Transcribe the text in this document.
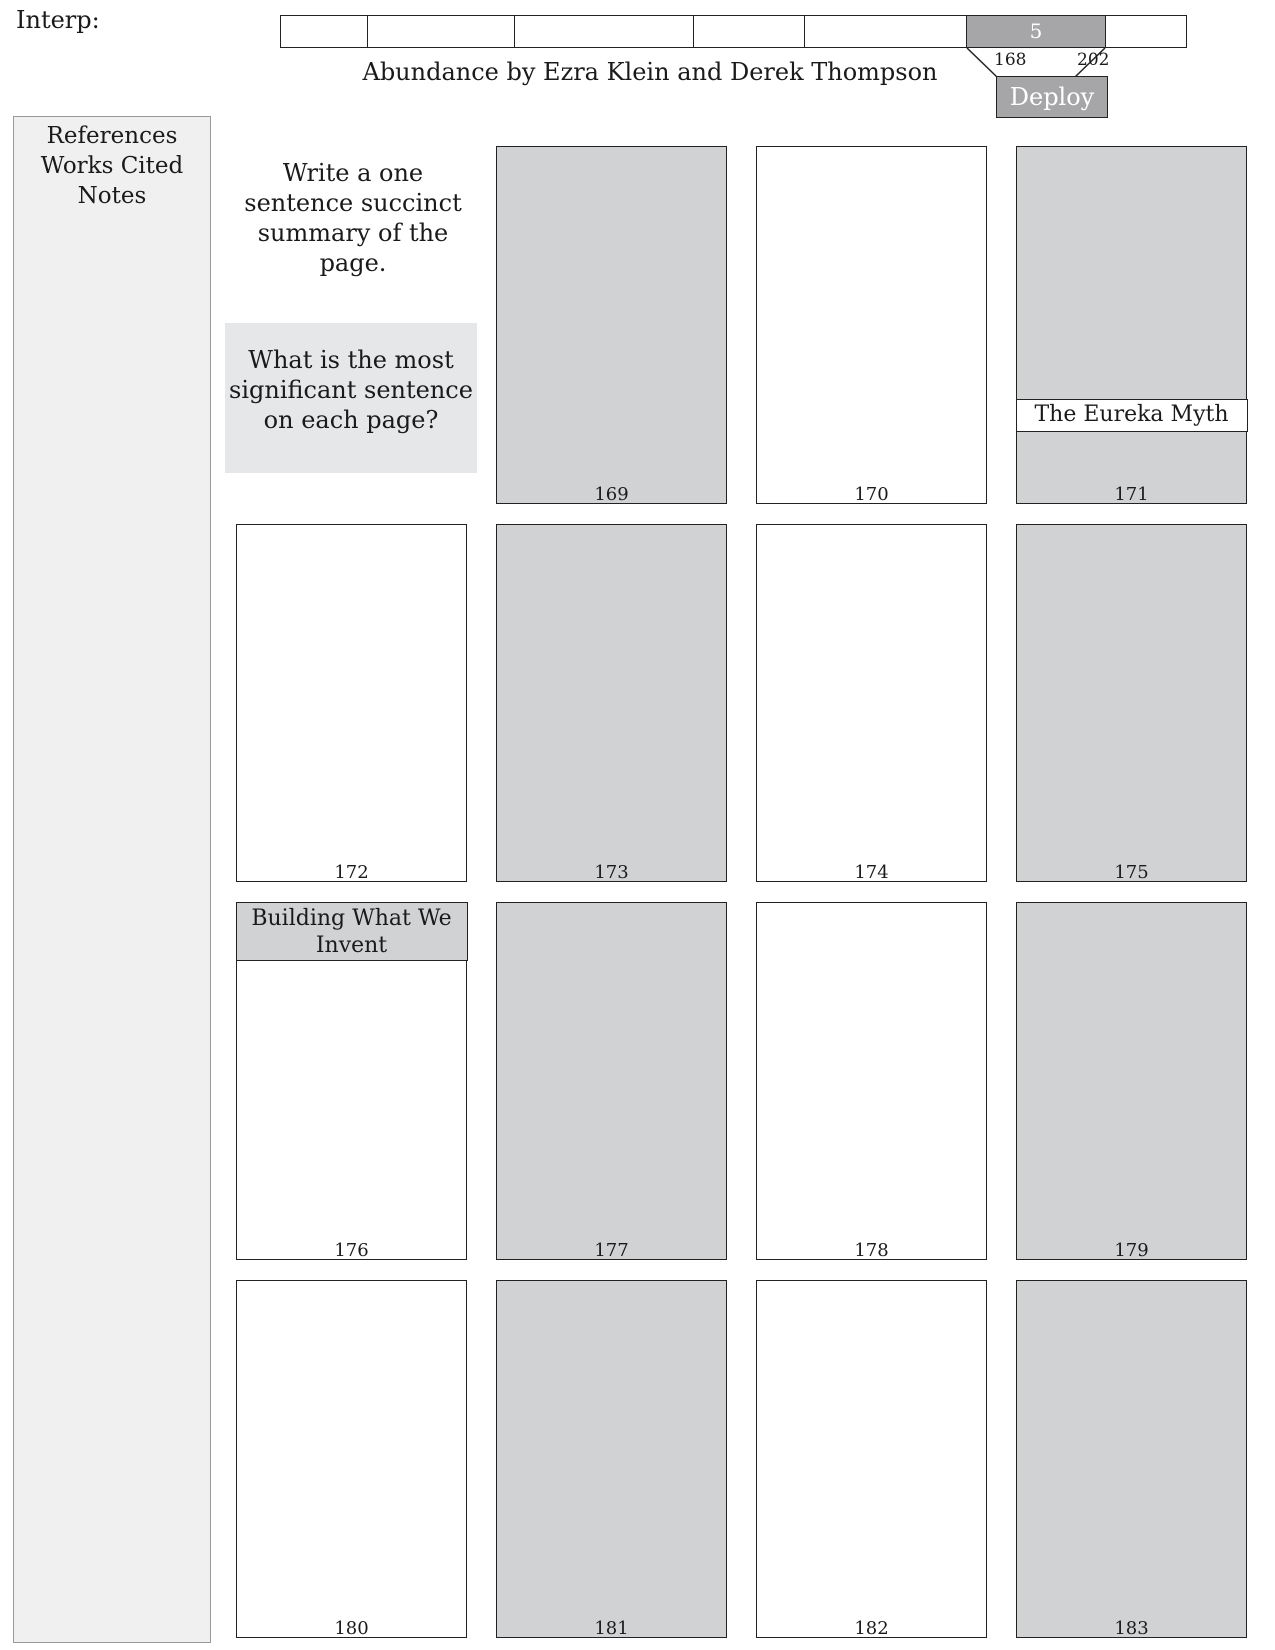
Interp:	5
168	202
Abundance by Ezra Klein and Derek Thompson
Deploy
References
Works Cited
Notes
Write a one sentence succinct summary of the page.
What is the most significant sentence on each page?
169	170
The Eureka Myth
171
172	173	174	175
Building What We Invent
176	177	178	179
180	181	182	183
